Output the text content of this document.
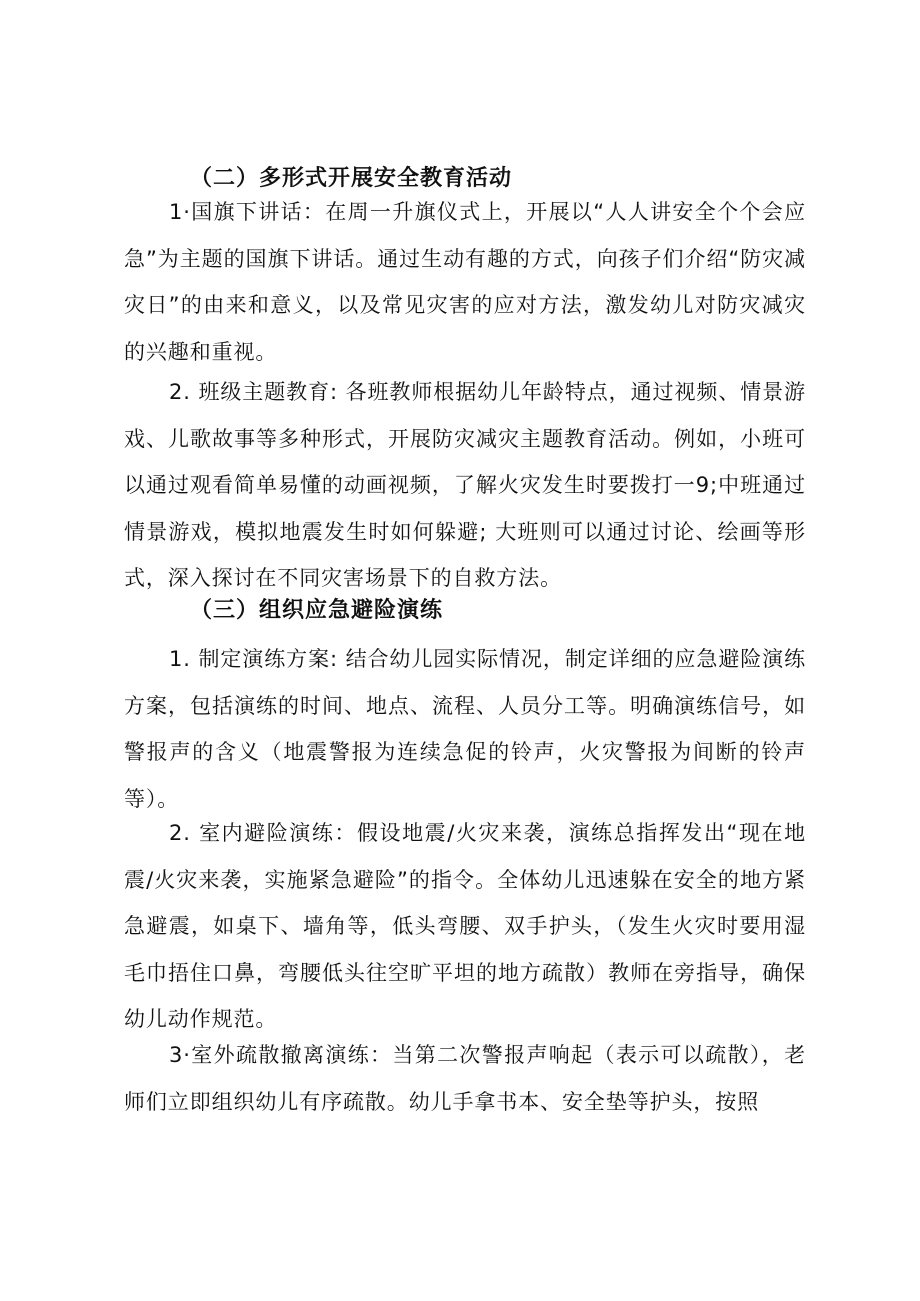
（二）多形式开展安全教育活动

1·国旗下讲话：在周一升旗仪式上，开展以“人人讲安全个个会应急”为主题的国旗下讲话。通过生动有趣的方式，向孩子们介绍“防灾减灾日”的由来和意义，以及常见灾害的应对方法，激发幼儿对防灾减灾的兴趣和重视。

2. 班级主题教育: 各班教师根据幼儿年龄特点，通过视频、情景游戏、儿歌故事等多种形式，开展防灾减灾主题教育活动。例如，小班可以通过观看简单易懂的动画视频，了解火灾发生时要拨打一9;中班通过情景游戏，模拟地震发生时如何躲避; 大班则可以通过讨论、绘画等形式，深入探讨在不同灾害场景下的自救方法。

（三）组织应急避险演练

1. 制定演练方案: 结合幼儿园实际情况，制定详细的应急避险演练方案，包括演练的时间、地点、流程、人员分工等。明确演练信号，如警报声的含义（地震警报为连续急促的铃声，火灾警报为间断的铃声等）。

2. 室内避险演练：假设地震/火灾来袭，演练总指挥发出“现在地震/火灾来袭，实施紧急避险”的指令。全体幼儿迅速躲在安全的地方紧急避震，如桌下、墙角等，低头弯腰、双手护头，（发生火灾时要用湿毛巾捂住口鼻，弯腰低头往空旷平坦的地方疏散）教师在旁指导，确保幼儿动作规范。

3·室外疏散撤离演练：当第二次警报声响起（表示可以疏散），老师们立即组织幼儿有序疏散。幼儿手拿书本、安全垫等护头，按照
